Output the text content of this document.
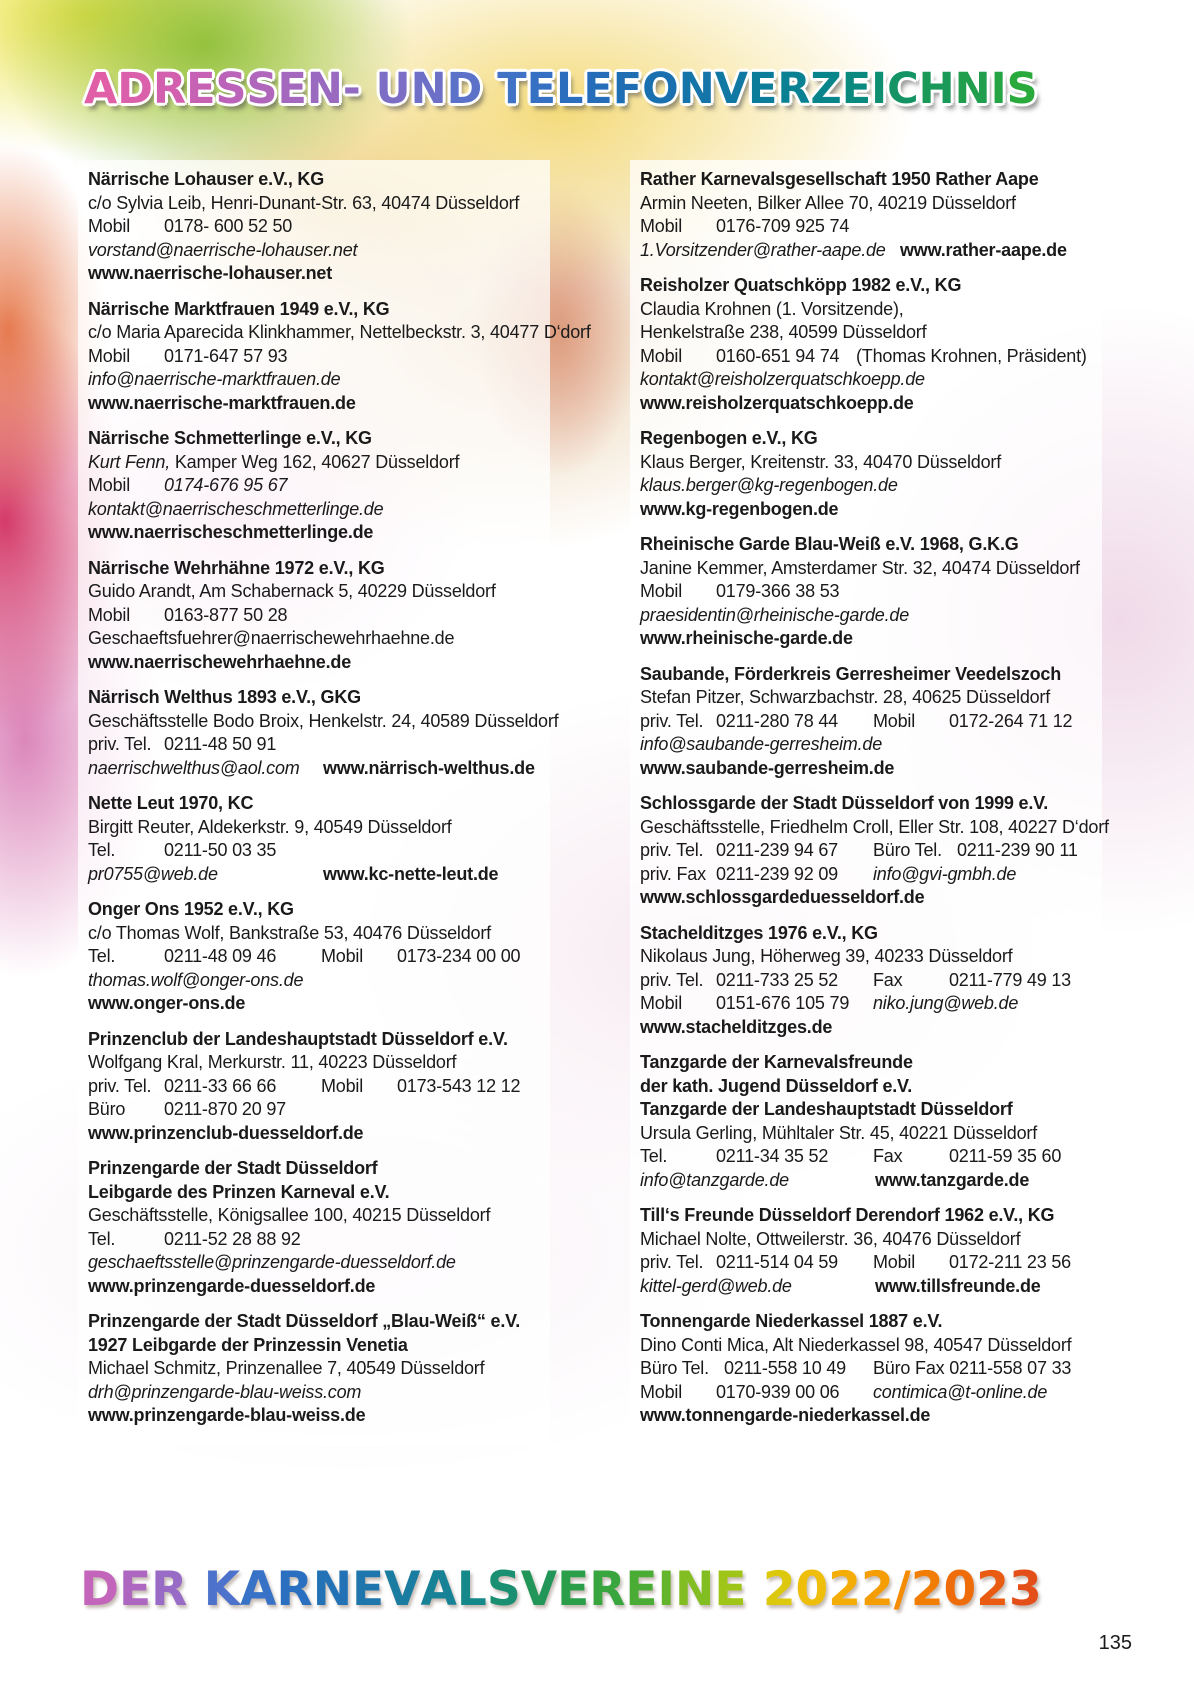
ADRESSEN- UND TELEFONVERZEICHNIS
Närrische Lohauser e.V., KG
c/o Sylvia Leib, Henri-Dunant-Str. 63, 40474 Düsseldorf
Mobil 0178- 600 52 50
vorstand@naerrische-lohauser.net
www.naerrische-lohauser.net
Närrische Marktfrauen 1949 e.V., KG
c/o Maria Aparecida Klinkhammer, Nettelbeckstr. 3, 40477 D‘dorf
Mobil 0171-647 57 93
info@naerrische-marktfrauen.de
www.naerrische-marktfrauen.de
Närrische Schmetterlinge e.V., KG
Kurt Fenn, Kamper Weg 162, 40627 Düsseldorf
Mobil 0174-676 95 67
kontakt@naerrischeschmetterlinge.de
www.naerrischeschmetterlinge.de
Närrische Wehrhähne 1972 e.V., KG
Guido Arandt, Am Schabernack 5, 40229 Düsseldorf
Mobil 0163-877 50 28
Geschaeftsfuehrer@naerrischewehrhaehne.de
www.naerrischewehrhaehne.de
Närrisch Welthus 1893 e.V., GKG
Geschäftsstelle Bodo Broix, Henkelstr. 24, 40589 Düsseldorf
priv. Tel. 0211-48 50 91
naerrischwelthus@aol.com www.närrisch-welthus.de
Nette Leut 1970, KC
Birgitt Reuter, Aldekerkstr. 9, 40549 Düsseldorf
Tel.	0211-50 03 35
pr0755@web.de	www.kc-nette-leut.de
Onger Ons 1952 e.V., KG
c/o Thomas Wolf, Bankstraße 53, 40476 Düsseldorf
Tel.	0211-48 09 46 Mobil 0173-234 00 00
thomas.wolf@onger-ons.de
www.onger-ons.de
Prinzenclub der Landeshauptstadt Düsseldorf e.V.
Wolfgang Kral, Merkurstr. 11, 40223 Düsseldorf
priv. Tel. 0211-33 66 66 Mobil 0173-543 12 12
Büro 0211-870 20 97
www.prinzenclub-duesseldorf.de
Prinzengarde der Stadt Düsseldorf
Leibgarde des Prinzen Karneval e.V.
Geschäftsstelle, Königsallee 100, 40215 Düsseldorf
Tel.	0211-52 28 88 92
geschaeftsstelle@prinzengarde-duesseldorf.de
www.prinzengarde-duesseldorf.de
Prinzengarde der Stadt Düsseldorf „Blau-Weiß“ e.V.
1927 Leibgarde der Prinzessin Venetia
Michael Schmitz, Prinzenallee 7, 40549 Düsseldorf
drh@prinzengarde-blau-weiss.com
www.prinzengarde-blau-weiss.de
Rather Karnevalsgesellschaft 1950 Rather Aape
Armin Neeten, Bilker Allee 70, 40219 Düsseldorf
Mobil 0176-709 925 74
1.Vorsitzender@rather-aape.de www.rather-aape.de
Reisholzer Quatschköpp 1982 e.V., KG
Claudia Krohnen (1. Vorsitzende),
Henkelstraße 238, 40599 Düsseldorf
Mobil 0160-651 94 74 (Thomas Krohnen, Präsident)
kontakt@reisholzerquatschkoepp.de
www.reisholzerquatschkoepp.de
Regenbogen e.V., KG
Klaus Berger, Kreitenstr. 33, 40470 Düsseldorf
klaus.berger@kg-regenbogen.de
www.kg-regenbogen.de
Rheinische Garde Blau-Weiß e.V. 1968, G.K.G
Janine Kemmer, Amsterdamer Str. 32, 40474 Düsseldorf
Mobil 0179-366 38 53
praesidentin@rheinische-garde.de
www.rheinische-garde.de
Saubande, Förderkreis Gerresheimer Veedelszoch
Stefan Pitzer, Schwarzbachstr. 28, 40625 Düsseldorf
priv. Tel. 0211-280 78 44 Mobil 0172-264 71 12
info@saubande-gerresheim.de
www.saubande-gerresheim.de
Schlossgarde der Stadt Düsseldorf von 1999 e.V.
Geschäftsstelle, Friedhelm Croll, Eller Str. 108, 40227 D‘dorf
priv. Tel. 0211-239 94 67 Büro Tel. 0211-239 90 11
priv. Fax 0211-239 92 09 info@gvi-gmbh.de
www.schlossgardeduesseldorf.de
Stachelditzges 1976 e.V., KG
Nikolaus Jung, Höherweg 39, 40233 Düsseldorf
priv. Tel. 0211-733 25 52 Fax	0211-779 49 13
Mobil 0151-676 105 79 niko.jung@web.de
www.stachelditzges.de
Tanzgarde der Karnevalsfreunde
der kath. Jugend Düsseldorf e.V.
Tanzgarde der Landeshauptstadt Düsseldorf
Ursula Gerling, Mühltaler Str. 45, 40221 Düsseldorf
Tel.	0211-34 35 52 Fax	0211-59 35 60
info@tanzgarde.de	www.tanzgarde.de
Till‘s Freunde Düsseldorf Derendorf 1962 e.V., KG
Michael Nolte, Ottweilerstr. 36, 40476 Düsseldorf
priv. Tel. 0211-514 04 59 Mobil 0172-211 23 56
kittel-gerd@web.de	www.tillsfreunde.de
Tonnengarde Niederkassel 1887 e.V.
Dino Conti Mica, Alt Niederkassel 98, 40547 Düsseldorf
Büro Tel. 0211-558 10 49 Büro Fax 0211-558 07 33
Mobil 0170-939 00 06 contimica@t-online.de
www.tonnengarde-niederkassel.de
DER KARNEVALSVEREINE 2022/2023
135
